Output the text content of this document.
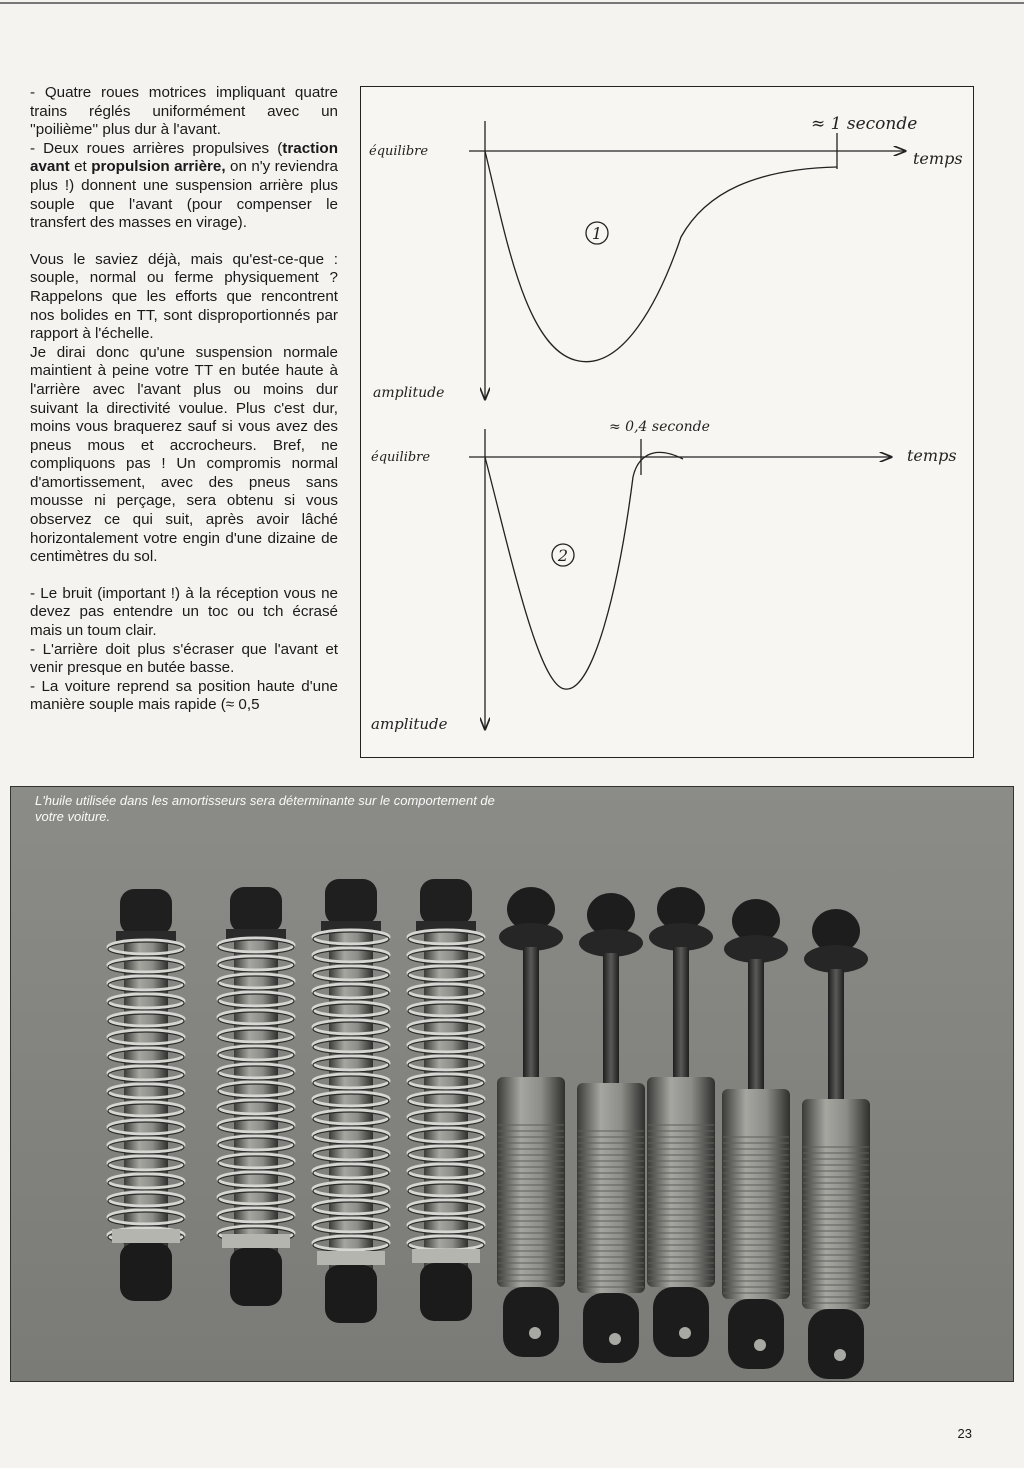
- Quatre roues motrices impliquant quatre trains réglés uniformément avec un ''poilième'' plus dur à l'avant.

- Deux roues arrières propulsives (traction avant et propulsion arrière, on n'y reviendra plus !) donnent une suspension arrière plus souple que l'avant (pour compenser le transfert des masses en virage).

Vous le saviez déjà, mais qu'est-ce-que : souple, normal ou ferme physiquement ? Rappelons que les efforts que rencontrent nos bolides en TT, sont disproportionnés par rapport à l'échelle.

Je dirai donc qu'une suspension normale maintient à peine votre TT en butée haute à l'arrière avec l'avant plus ou moins dur suivant la directivité voulue. Plus c'est dur, moins vous braquerez sauf si vous avez des pneus mous et accrocheurs. Bref, ne compliquons pas ! Un compromis normal d'amortissement, avec des pneus sans mousse ni perçage, sera obtenu si vous observez ce qui suit, après avoir lâché horizontalement votre engin d'une dizaine de centimètres du sol.

- Le bruit (important !) à la réception vous ne devez pas entendre un toc ou tch écrasé mais un toum clair.

- L'arrière doit plus s'écraser que l'avant et venir presque en butée basse.

- La voiture reprend sa position haute d'une manière souple mais rapide (≈ 0,5

1
équilibre
amplitude
temps
≈ 1 seconde
2
équilibre
amplitude
temps
≈ 0,4 seconde
L'huile utilisée dans les amortisseurs sera déterminante sur le comportement de votre voiture.
23
